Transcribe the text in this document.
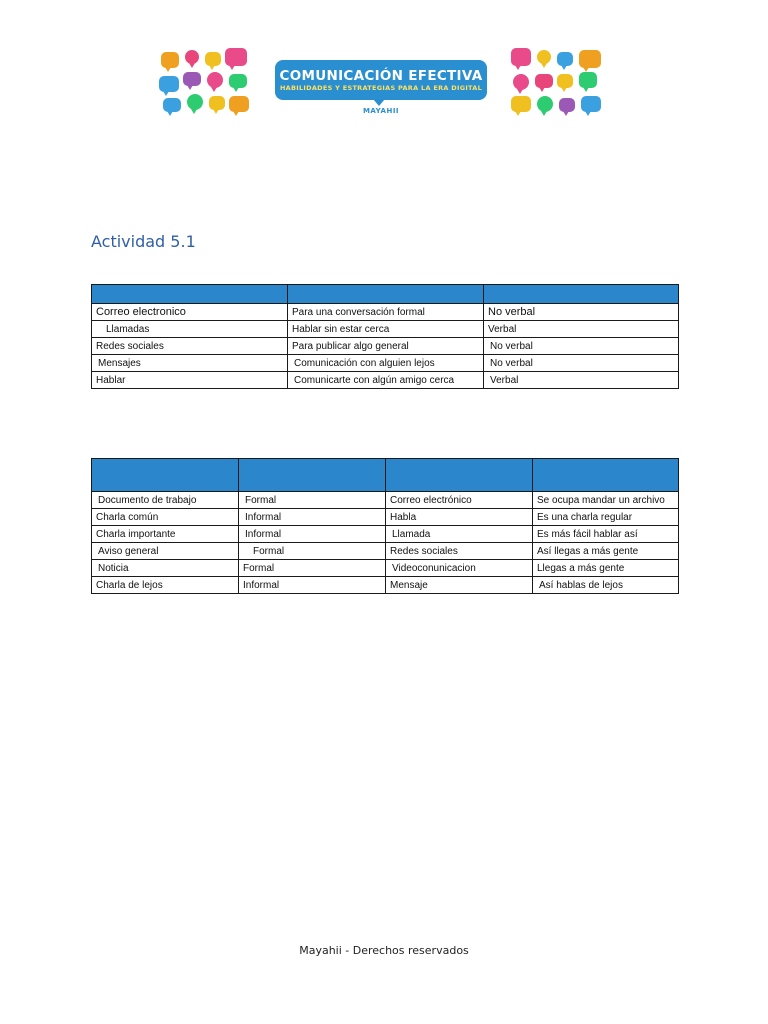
COMUNICACIÓN EFECTIVA
HABILIDADES Y ESTRATEGIAS PARA LA ERA DIGITAL
MAYAHII
Actividad 5.1

Correo electronico	Para una conversación formal	No verbal
Llamadas	Hablar sin estar cerca	Verbal
Redes sociales	Para publicar algo general	No verbal
Mensajes	Comunicación con alguien lejos	No verbal
Hablar	Comunicarte con algún amigo cerca	Verbal

Documento de trabajo	Formal	Correo electrónico	Se ocupa mandar un archivo
Charla común	Informal	Habla	Es una charla regular
Charla importante	Informal	Llamada	Es más fácil hablar así
Aviso general	Formal	Redes sociales	Así llegas a más gente
Noticia	Formal	Videoconunicacion	Llegas a más gente
Charla de lejos	Informal	Mensaje	Así hablas de lejos
Mayahii - Derechos reservados
